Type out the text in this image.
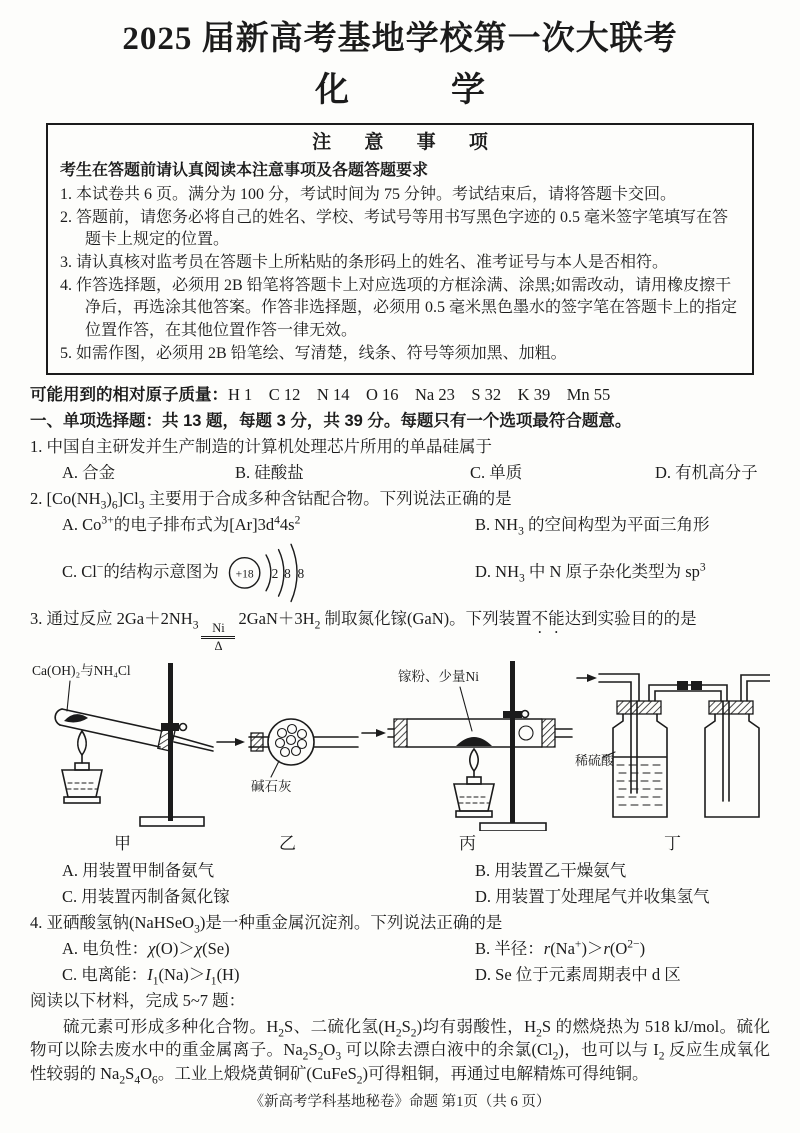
2025 届新高考基地学校第一次大联考
化　学
注 意 事 项
考生在答题前请认真阅读本注意事项及各题答题要求
1. 本试卷共 6 页。满分为 100 分，考试时间为 75 分钟。考试结束后，请将答题卡交回。
2. 答题前，请您务必将自己的姓名、学校、考试号等用书写黑色字迹的 0.5 毫米签字笔填写在答题卡上规定的位置。
3. 请认真核对监考员在答题卡上所粘贴的条形码上的姓名、准考证号与本人是否相符。
4. 作答选择题，必须用 2B 铅笔将答题卡上对应选项的方框涂满、涂黑;如需改动，请用橡皮擦干净后，再选涂其他答案。作答非选择题，必须用 0.5 毫米黑色墨水的签字笔在答题卡上的指定位置作答，在其他位置作答一律无效。
5. 如需作图，必须用 2B 铅笔绘、写清楚，线条、符号等须加黑、加粗。
可能用到的相对原子质量：H 1　C 12　N 14　O 16　Na 23　S 32　K 39　Mn 55
一、单项选择题：共 13 题，每题 3 分，共 39 分。每题只有一个选项最符合题意。
1. 中国自主研发并生产制造的计算机处理芯片所用的单晶硅属于
A. 合金	B. 硅酸盐	C. 单质	D. 有机高分子
2. $[Co(NH_3)_6]Cl_3$ 主要用于合成多种含钴配合物。下列说法正确的是
A. $Co^{3+}$的电子排布式为$[Ar]3d^44s^2$	B. $NH_3$ 的空间构型为平面三角形
C. Cl−的结构示意图为 +18 2 8 8	D. $NH_3$ 中 N 原子杂化类型为 $sp^3$
3. 通过反应 $2Ga+2NH_3 \frac{Ni}{\Delta}$
$2GaN+3H_2$ 制取氮化镓(GaN)。下列装置不能达到实验目的的是
Ca(OH)₂与NH₄Cl
甲
碱石灰
乙
镓粉、少量Ni
丙
稀硫酸
丁
A. 用装置甲制备氨气	B. 用装置乙干燥氨气
C. 用装置丙制备氮化镓	D. 用装置丁处理尾气并收集氢气
4. 亚硒酸氢钠(NaHSeO$_3$)是一种重金属沉淀剂。下列说法正确的是
A. 电负性：χ(O)＞χ(Se)	B. 半径：$r(Na^+)>r(O^{2-})$
C. 电离能：$I_1(Na)>I_1(H)$	D. Se 位于元素周期表中 d 区
阅读以下材料，完成 5~7 题：

硫元素可形成多种化合物。$H_2S$、二硫化氢$(H_2S_2)$均有弱酸性，$H_2S$ 的燃烧热为 518 kJ/mol。硫化物可以除去废水中的重金属离子。$Na_2S_2O_3$ 可以除去漂白液中的余氯$(Cl_2)$，也可以与 $I_2$ 反应生成氧化性较弱的 $Na_2S_4O_6$。工业上煅烧黄铜矿(CuFeS$_2$)可得粗铜，再通过电解精炼可得纯铜。

《新高考学科基地秘卷》命题 第1页（共 6 页）
